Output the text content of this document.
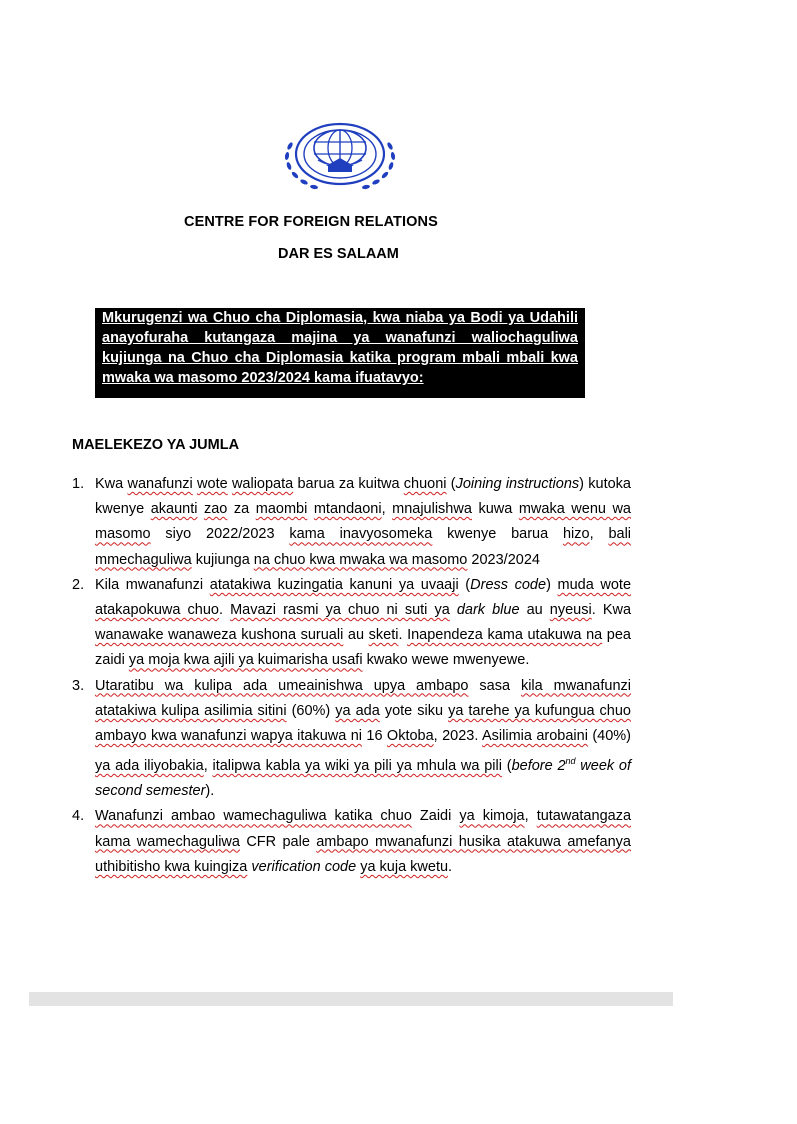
CENTRE FOR FOREIGN RELATIONS
DAR ES SALAAM
Mkurugenzi wa Chuo cha Diplomasia, kwa niaba ya Bodi ya Udahili anayofuraha kutangaza majina ya wanafunzi waliochaguliwa kujiunga na Chuo cha Diplomasia katika program mbali mbali kwa mwaka wa masomo 2023/2024 kama ifuatavyo:
MAELEKEZO YA JUMLA
1. Kwa wanafunzi wote waliopata barua za kuitwa chuoni (Joining instructions) kutoka kwenye akaunti zao za maombi mtandaoni, mnajulishwa kuwa mwaka wenu wa masomo siyo 2022/2023 kama inavyosomeka kwenye barua hizo, bali mmechaguliwa kujiunga na chuo kwa mwaka wa masomo 2023/2024
2. Kila mwanafunzi atatakiwa kuzingatia kanuni ya uvaaji (Dress code) muda wote atakapokuwa chuo. Mavazi rasmi ya chuo ni suti ya dark blue au nyeusi. Kwa wanawake wanaweza kushona suruali au sketi. Inapendeza kama utakuwa na pea zaidi ya moja kwa ajili ya kuimarisha usafi kwako wewe mwenyewe.
3. Utaratibu wa kulipa ada umeainishwa upya ambapo sasa kila mwanafunzi atatakiwa kulipa asilimia sitini (60%) ya ada yote siku ya tarehe ya kufungua chuo ambayo kwa wanafunzi wapya itakuwa ni 16 Oktoba, 2023. Asilimia arobaini (40%) ya ada iliyobakia, italipwa kabla ya wiki ya pili ya mhula wa pili (before 2nd week of second semester).
4. Wanafunzi ambao wamechaguliwa katika chuo Zaidi ya kimoja, tutawatangaza kama wamechaguliwa CFR pale ambapo mwanafunzi husika atakuwa amefanya uthibitisho kwa kuingiza verification code ya kuja kwetu.
